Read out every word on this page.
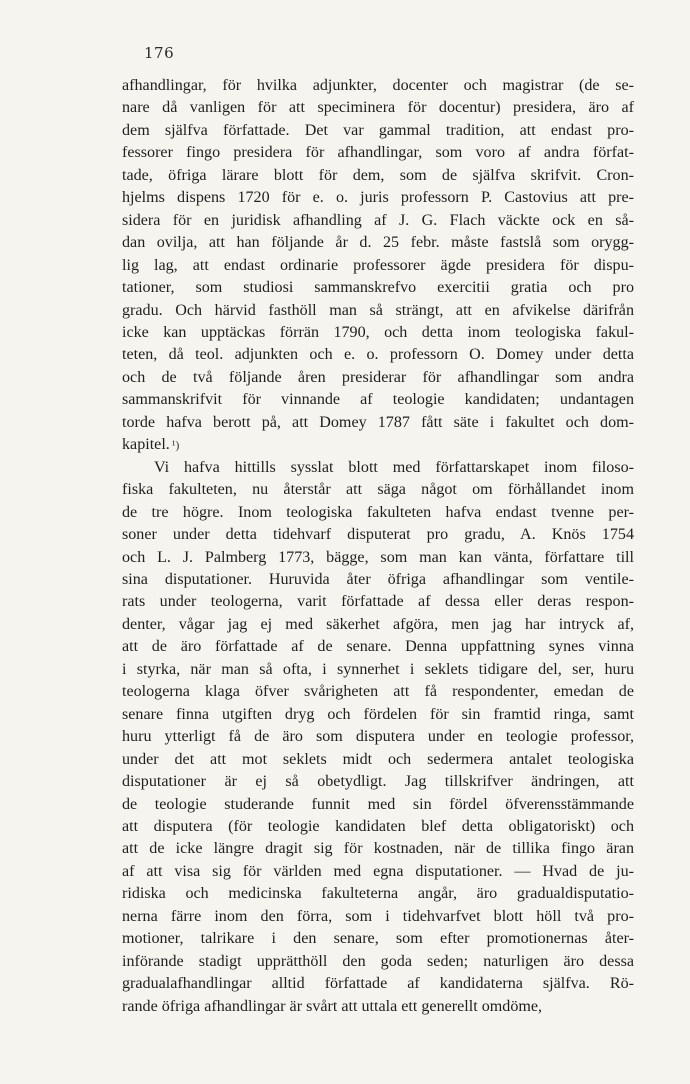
176
afhandlingar, för hvilka adjunkter, docenter och magistrar (de se-
nare då vanligen för att speciminera för docentur) presidera, äro af
dem själfva författade. Det var gammal tradition, att endast pro-
fessorer fingo presidera för afhandlingar, som voro af andra förfat-
tade, öfriga lärare blott för dem, som de själfva skrifvit. Cron-
hjelms dispens 1720 för e. o. juris professorn P. Castovius att pre-
sidera för en juridisk afhandling af J. G. Flach väckte ock en så-
dan ovilja, att han följande år d. 25 febr. måste fastslå som orygg-
lig lag, att endast ordinarie professorer ägde presidera för dispu-
tationer, som studiosi sammanskrefvo exercitii gratia och pro
gradu. Och härvid fasthöll man så strängt, att en afvikelse därifrån
icke kan upptäckas förrän 1790, och detta inom teologiska fakul-
teten, då teol. adjunkten och e. o. professorn O. Domey under detta
och de två följande åren presiderar för afhandlingar som andra
sammanskrifvit för vinnande af teologie kandidaten; undantagen
torde hafva berott på, att Domey 1787 fått säte i fakultet och dom-
kapitel. ¹)
Vi hafva hittills sysslat blott med författarskapet inom filoso-
fiska fakulteten, nu återstår att säga något om förhållandet inom
de tre högre. Inom teologiska fakulteten hafva endast tvenne per-
soner under detta tidehvarf disputerat pro gradu, A. Knös 1754
och L. J. Palmberg 1773, bägge, som man kan vänta, författare till
sina disputationer. Huruvida åter öfriga afhandlingar som ventile-
rats under teologerna, varit författade af dessa eller deras respon-
denter, vågar jag ej med säkerhet afgöra, men jag har intryck af,
att de äro författade af de senare. Denna uppfattning synes vinna
i styrka, när man så ofta, i synnerhet i seklets tidigare del, ser, huru
teologerna klaga öfver svårigheten att få respondenter, emedan de
senare finna utgiften dryg och fördelen för sin framtid ringa, samt
huru ytterligt få de äro som disputera under en teologie professor,
under det att mot seklets midt och sedermera antalet teologiska
disputationer är ej så obetydligt. Jag tillskrifver ändringen, att
de teologie studerande funnit med sin fördel öfverensstämmande
att disputera (för teologie kandidaten blef detta obligatoriskt) och
att de icke längre dragit sig för kostnaden, när de tillika fingo äran
af att visa sig för världen med egna disputationer. — Hvad de ju-
ridiska och medicinska fakulteterna angår, äro gradualdisputatio-
nerna färre inom den förra, som i tidehvarfvet blott höll två pro-
motioner, talrikare i den senare, som efter promotionernas åter-
införande stadigt upprätthöll den goda seden; naturligen äro dessa
gradualafhandlingar alltid författade af kandidaterna själfva. Rö-
rande öfriga afhandlingar är svårt att uttala ett generellt omdöme,
